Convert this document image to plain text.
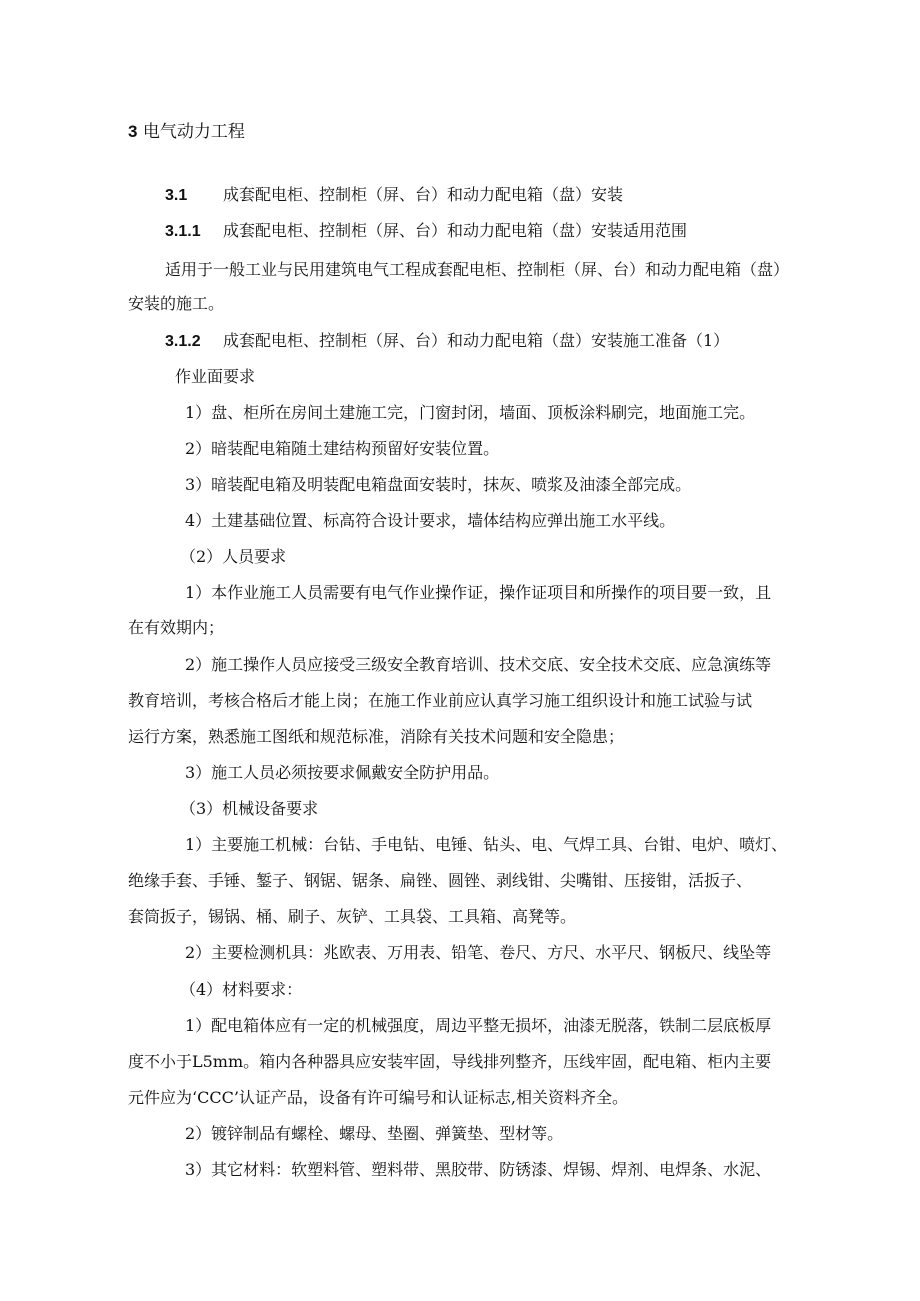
3 电气动力工程
3.1 成套配电柜、控制柜（屏、台）和动力配电箱（盘）安装
3.1.1 成套配电柜、控制柜（屏、台）和动力配电箱（盘）安装适用范围
适用于一般工业与民用建筑电气工程成套配电柜、控制柜（屏、台）和动力配电箱（盘）
安装的施工。
3.1.2 成套配电柜、控制柜（屏、台）和动力配电箱（盘）安装施工准备（1）
作业面要求
1）盘、柜所在房间土建施工完，门窗封闭，墙面、顶板涂料刷完，地面施工完。
2）暗装配电箱随土建结构预留好安装位置。
3）暗装配电箱及明装配电箱盘面安装时，抹灰、喷浆及油漆全部完成。
4）土建基础位置、标高符合设计要求，墙体结构应弹出施工水平线。
（2）人员要求
1）本作业施工人员需要有电气作业操作证，操作证项目和所操作的项目要一致，且
在有效期内；
2）施工操作人员应接受三级安全教育培训、技术交底、安全技术交底、应急演练等
教育培训，考核合格后才能上岗；在施工作业前应认真学习施工组织设计和施工试验与试
运行方案，熟悉施工图纸和规范标准，消除有关技术问题和安全隐患；
3）施工人员必须按要求佩戴安全防护用品。
（3）机械设备要求
1）主要施工机械：台钻、手电钻、电锤、钻头、电、气焊工具、台钳、电炉、喷灯、
绝缘手套、手锤、錾子、钢锯、锯条、扁锉、圆锉、剥线钳、尖嘴钳、压接钳，活扳子、
套筒扳子，锡锅、桶、刷子、灰铲、工具袋、工具箱、高凳等。
2）主要检测机具：兆欧表、万用表、铅笔、卷尺、方尺、水平尺、钢板尺、线坠等
（4）材料要求：
1）配电箱体应有一定的机械强度，周边平整无损坏，油漆无脱落，铁制二层底板厚
度不小于L5mm。箱内各种器具应安装牢固，导线排列整齐，压线牢固，配电箱、柜内主要
元件应为‘CCC’认证产品，设备有许可编号和认证标志,相关资料齐全。
2）镀锌制品有螺栓、螺母、垫圈、弹簧垫、型材等。
3）其它材料：软塑料管、塑料带、黑胶带、防锈漆、焊锡、焊剂、电焊条、水泥、
